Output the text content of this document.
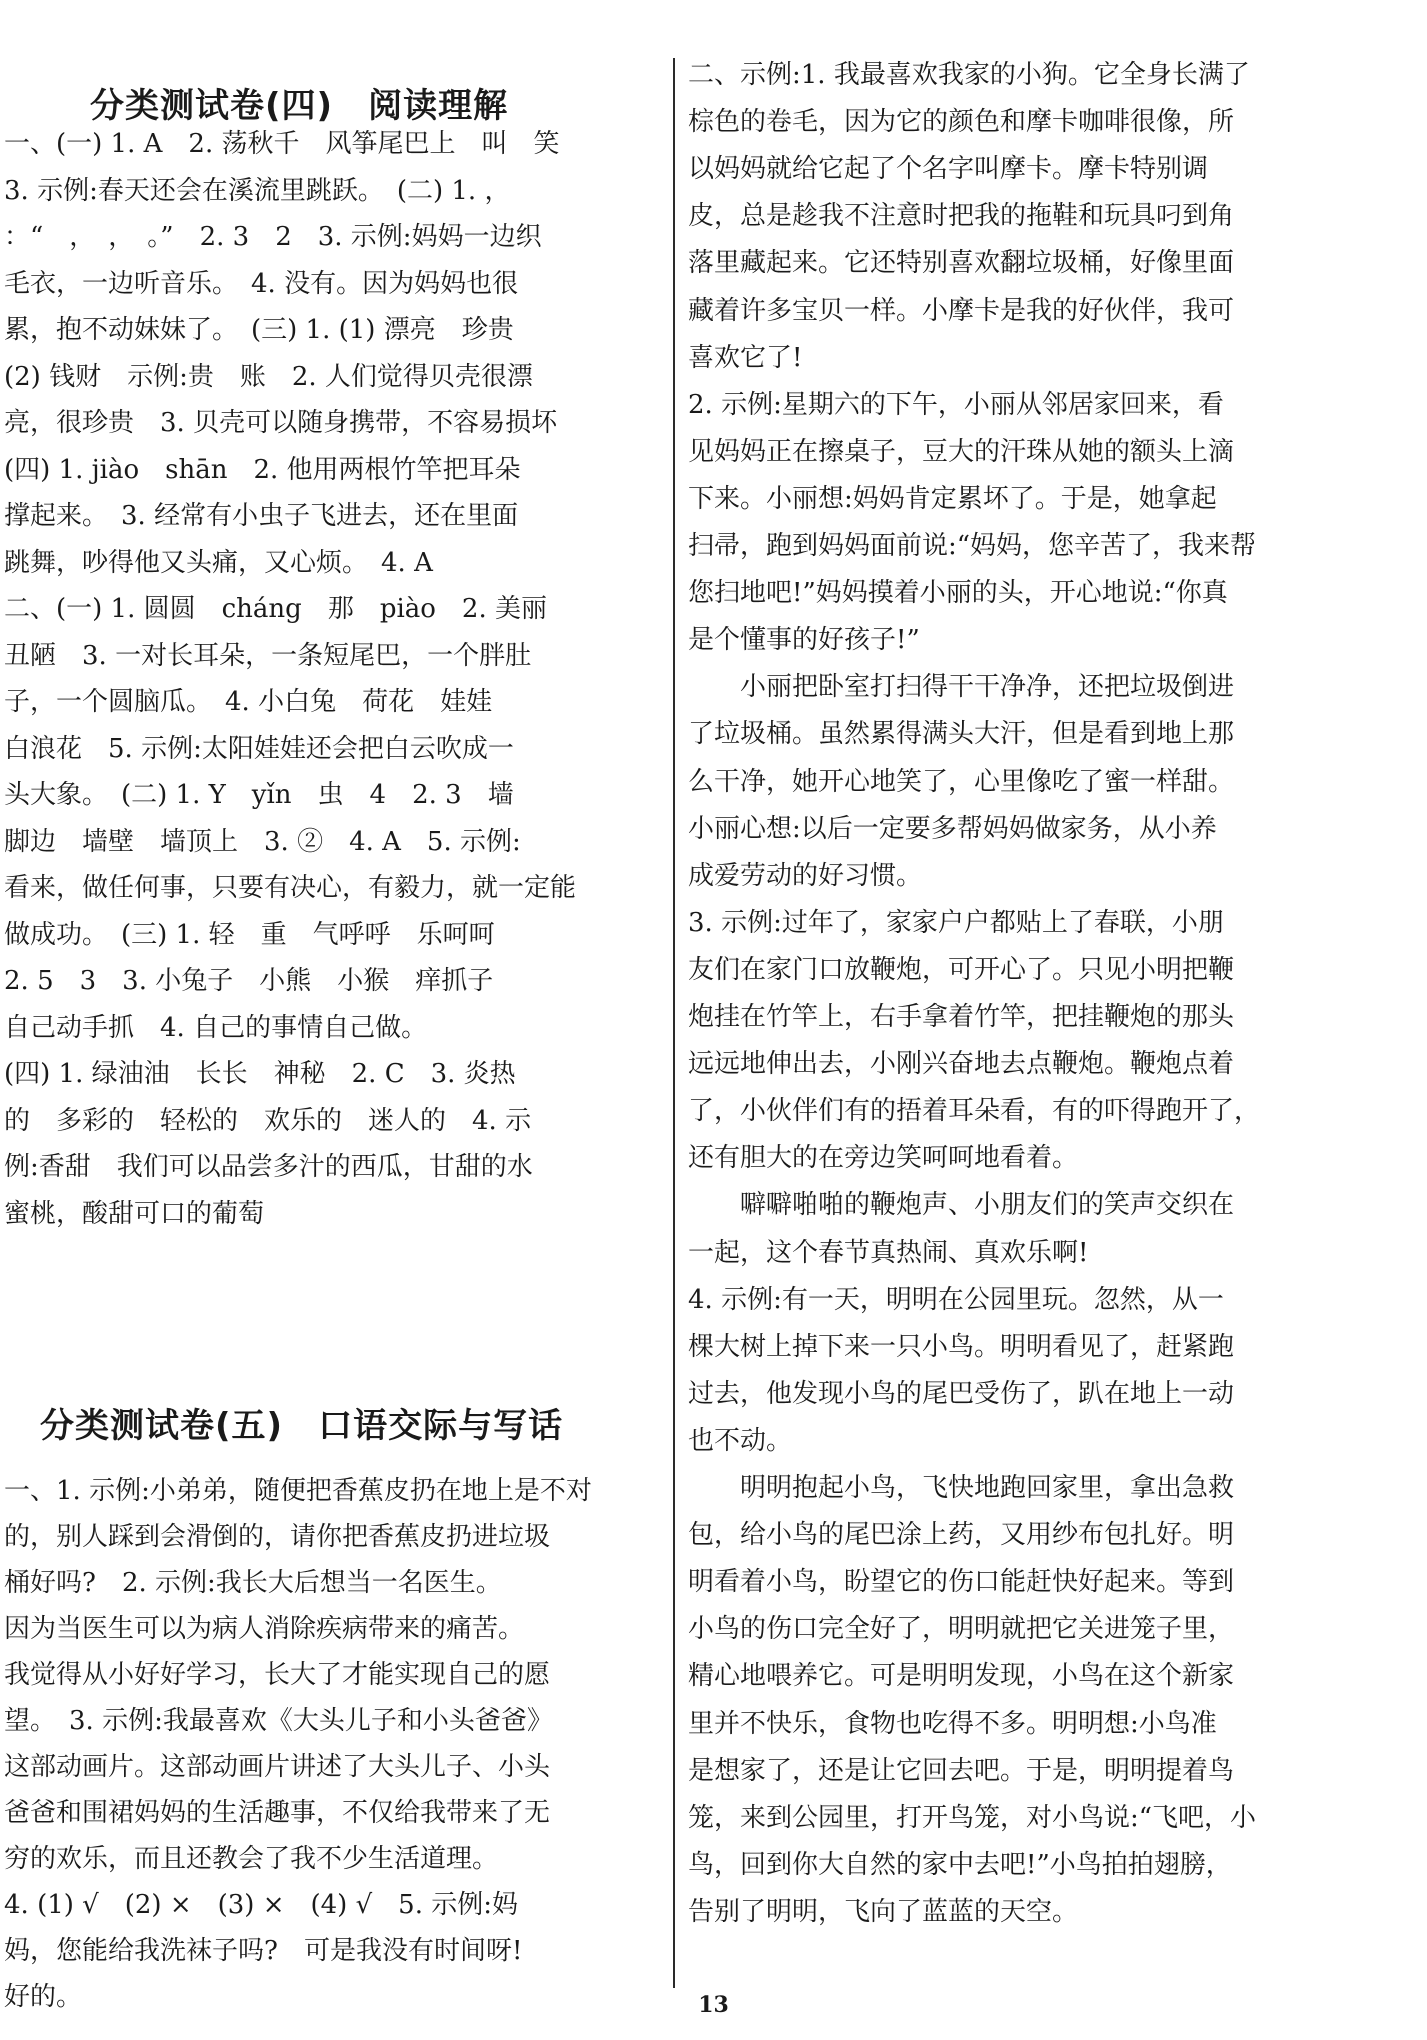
分类测试卷(四)　阅读理解
一、(一) 1. A　2. 荡秋千　风筝尾巴上　叫　笑
3. 示例:春天还会在溪流里跳跃。　(二) 1. ，
：“　，　，　。”　2. 3　2　3. 示例:妈妈一边织
毛衣，一边听音乐。　4. 没有。因为妈妈也很
累，抱不动妹妹了。　(三) 1. (1) 漂亮　珍贵
(2) 钱财　示例:贵　账　2. 人们觉得贝壳很漂
亮，很珍贵　3. 贝壳可以随身携带，不容易损坏
(四) 1. jiào　shān　2. 他用两根竹竿把耳朵
撑起来。　3. 经常有小虫子飞进去，还在里面
跳舞，吵得他又头痛，又心烦。　4. A
二、(一) 1. 圆圆　cháng　那　piào　2. 美丽
丑陋　3. 一对长耳朵，一条短尾巴，一个胖肚
子，一个圆脑瓜。　4. 小白兔　荷花　娃娃
白浪花　5. 示例:太阳娃娃还会把白云吹成一
头大象。　(二) 1. Y　yǐn　虫　4　2. 3　墙
脚边　墙壁　墙顶上　3. ②　4. A　5. 示例:
看来，做任何事，只要有决心，有毅力，就一定能
做成功。　(三) 1. 轻　重　气呼呼　乐呵呵
2. 5　3　3. 小兔子　小熊　小猴　痒抓子
自己动手抓　4. 自己的事情自己做。
(四) 1. 绿油油　长长　神秘　2. C　3. 炎热
的　多彩的　轻松的　欢乐的　迷人的　4. 示
例:香甜　我们可以品尝多汁的西瓜，甘甜的水
蜜桃，酸甜可口的葡萄
分类测试卷(五)　口语交际与写话
一、1. 示例:小弟弟，随便把香蕉皮扔在地上是不对
的，别人踩到会滑倒的，请你把香蕉皮扔进垃圾
桶好吗?　2. 示例:我长大后想当一名医生。
因为当医生可以为病人消除疾病带来的痛苦。
我觉得从小好好学习，长大了才能实现自己的愿
望。　3. 示例:我最喜欢《大头儿子和小头爸爸》
这部动画片。这部动画片讲述了大头儿子、小头
爸爸和围裙妈妈的生活趣事，不仅给我带来了无
穷的欢乐，而且还教会了我不少生活道理。
4. (1) √　(2) ×　(3) ×　(4) √　5. 示例:妈
妈，您能给我洗袜子吗?　可是我没有时间呀!
好的。
二、示例:1. 我最喜欢我家的小狗。它全身长满了
棕色的卷毛，因为它的颜色和摩卡咖啡很像，所
以妈妈就给它起了个名字叫摩卡。摩卡特别调
皮，总是趁我不注意时把我的拖鞋和玩具叼到角
落里藏起来。它还特别喜欢翻垃圾桶，好像里面
藏着许多宝贝一样。小摩卡是我的好伙伴，我可
喜欢它了!
2. 示例:星期六的下午，小丽从邻居家回来，看
见妈妈正在擦桌子，豆大的汗珠从她的额头上滴
下来。小丽想:妈妈肯定累坏了。于是，她拿起
扫帚，跑到妈妈面前说:“妈妈，您辛苦了，我来帮
您扫地吧!”妈妈摸着小丽的头，开心地说:“你真
是个懂事的好孩子!”
　　小丽把卧室打扫得干干净净，还把垃圾倒进
了垃圾桶。虽然累得满头大汗，但是看到地上那
么干净，她开心地笑了，心里像吃了蜜一样甜。
小丽心想:以后一定要多帮妈妈做家务，从小养
成爱劳动的好习惯。
3. 示例:过年了，家家户户都贴上了春联，小朋
友们在家门口放鞭炮，可开心了。只见小明把鞭
炮挂在竹竿上，右手拿着竹竿，把挂鞭炮的那头
远远地伸出去，小刚兴奋地去点鞭炮。鞭炮点着
了，小伙伴们有的捂着耳朵看，有的吓得跑开了，
还有胆大的在旁边笑呵呵地看着。
　　噼噼啪啪的鞭炮声、小朋友们的笑声交织在
一起，这个春节真热闹、真欢乐啊!
4. 示例:有一天，明明在公园里玩。忽然，从一
棵大树上掉下来一只小鸟。明明看见了，赶紧跑
过去，他发现小鸟的尾巴受伤了，趴在地上一动
也不动。
　　明明抱起小鸟，飞快地跑回家里，拿出急救
包，给小鸟的尾巴涂上药，又用纱布包扎好。明
明看着小鸟，盼望它的伤口能赶快好起来。等到
小鸟的伤口完全好了，明明就把它关进笼子里，
精心地喂养它。可是明明发现，小鸟在这个新家
里并不快乐，食物也吃得不多。明明想:小鸟准
是想家了，还是让它回去吧。于是，明明提着鸟
笼，来到公园里，打开鸟笼，对小鸟说:“飞吧，小
鸟，回到你大自然的家中去吧!”小鸟拍拍翅膀，
告别了明明，飞向了蓝蓝的天空。
13
